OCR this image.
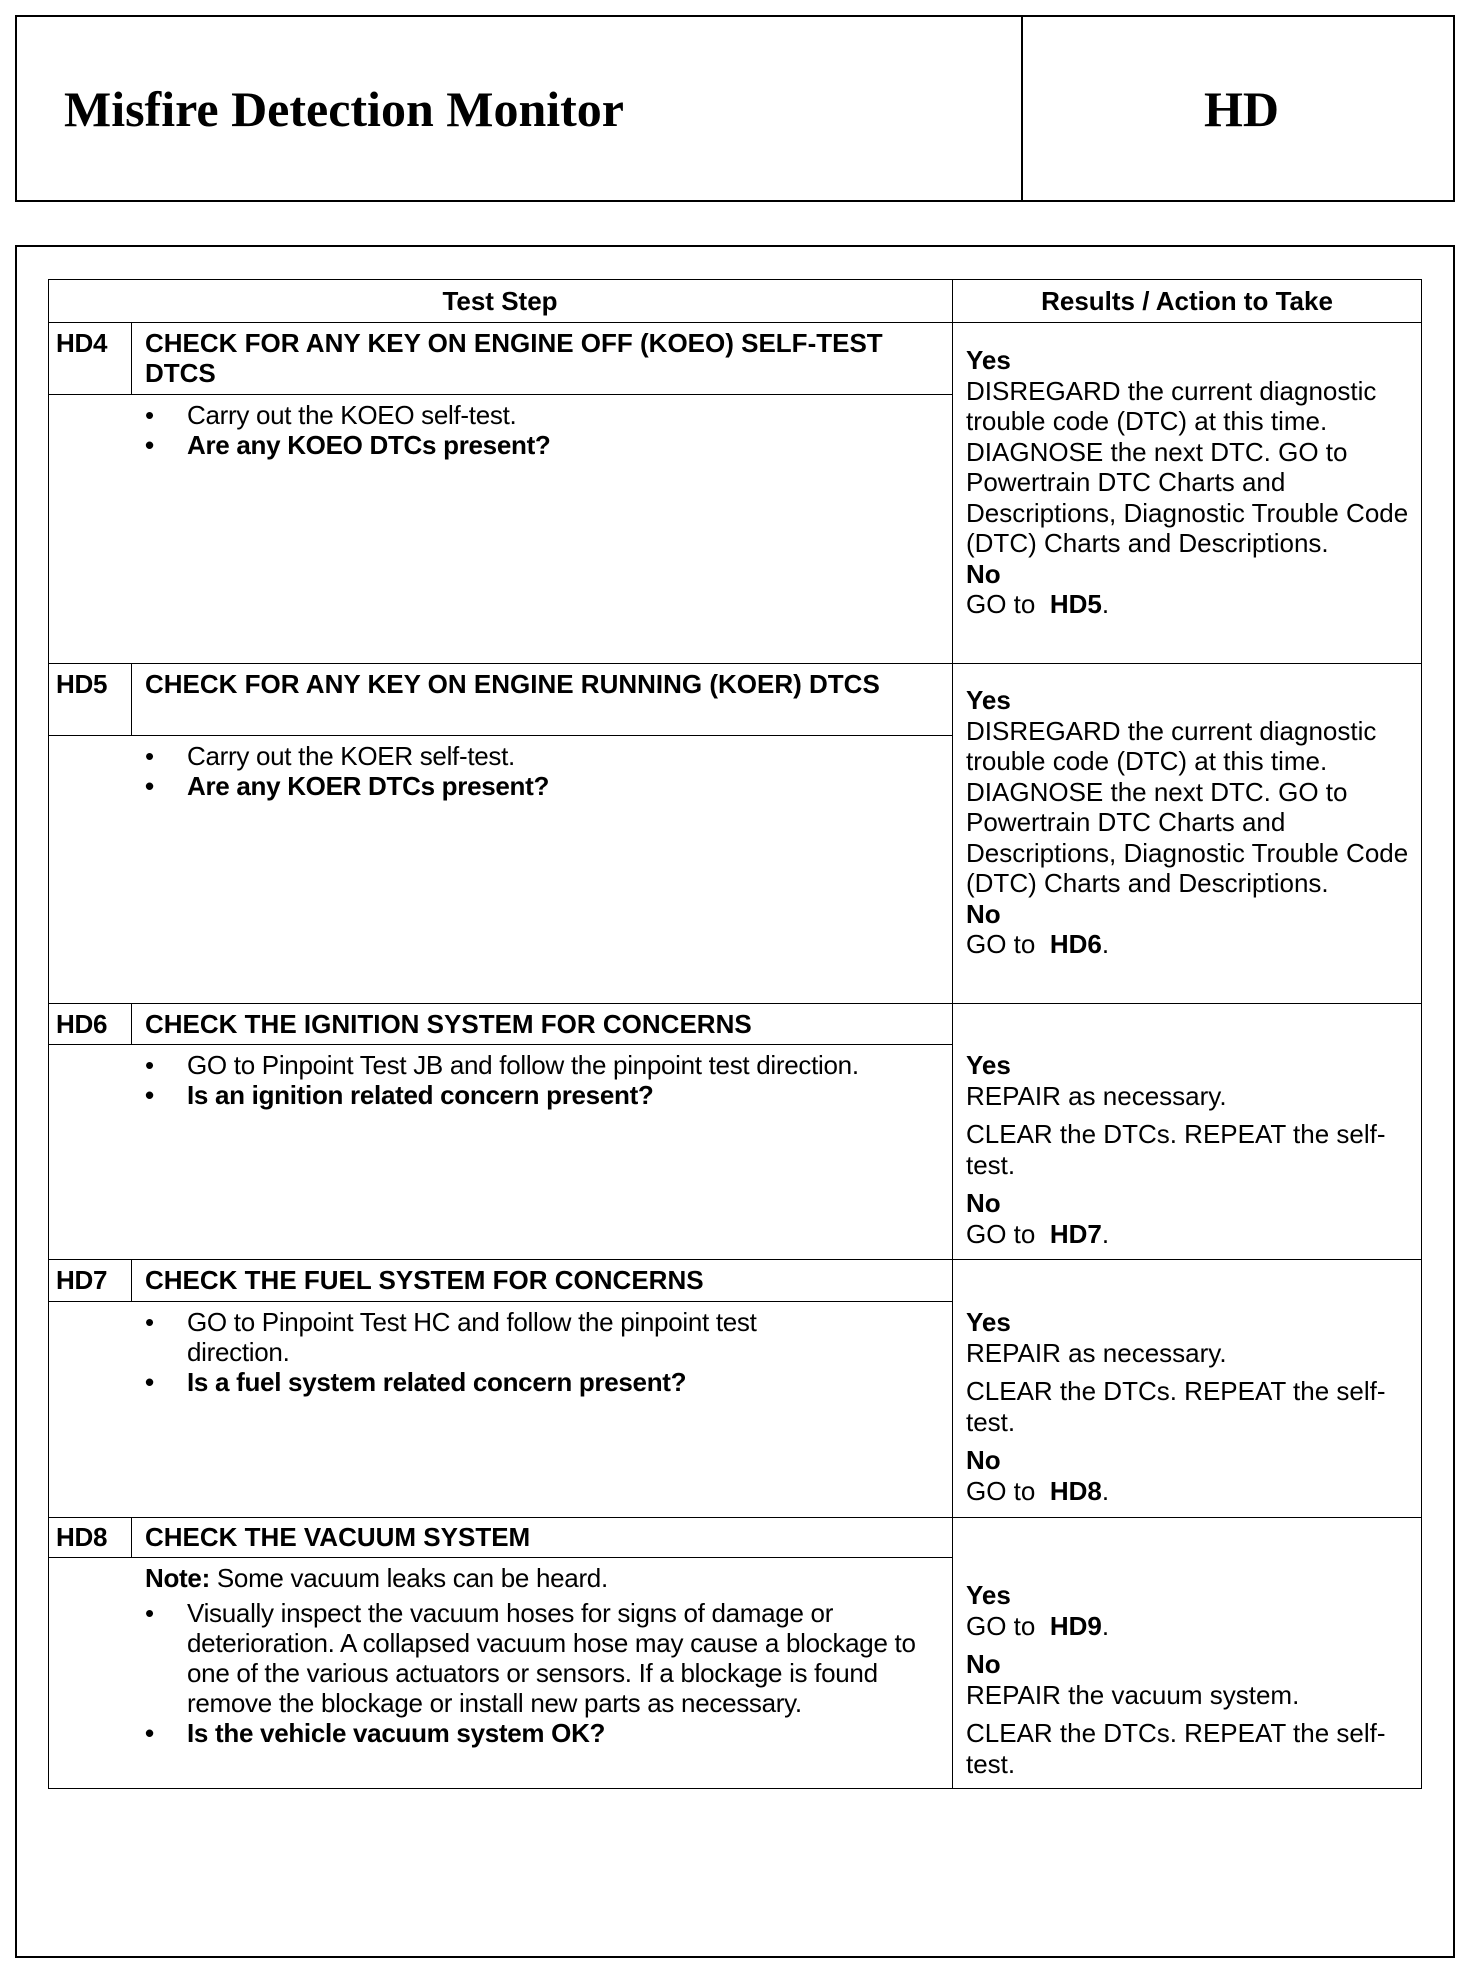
Misfire Detection Monitor	HD
Test Step	Results / Action to Take
HD4 CHECK FOR ANY KEY ON ENGINE OFF (KOEO) SELF-TEST DTCS
• Carry out the KOEO self-test.
• Are any KOEO DTCs present?

Yes

DISREGARD the current diagnostic trouble code (DTC) at this time. DIAGNOSE the next DTC. GO to Powertrain DTC Charts and Descriptions, Diagnostic Trouble Code (DTC) Charts and Descriptions.

No

GO to HD5.

HD5 CHECK FOR ANY KEY ON ENGINE RUNNING (KOER) DTCS
• Carry out the KOER self-test.
• Are any KOER DTCs present?

Yes

DISREGARD the current diagnostic trouble code (DTC) at this time. DIAGNOSE the next DTC. GO to Powertrain DTC Charts and Descriptions, Diagnostic Trouble Code (DTC) Charts and Descriptions.

No

GO to HD6.

HD6 CHECK THE IGNITION SYSTEM FOR CONCERNS
• GO to Pinpoint Test JB and follow the pinpoint test direction.
• Is an ignition related concern present?

Yes

REPAIR as necessary.

CLEAR the DTCs. REPEAT the self-test.

No

GO to HD7.

HD7 CHECK THE FUEL SYSTEM FOR CONCERNS
• GO to Pinpoint Test HC and follow the pinpoint test direction.
• Is a fuel system related concern present?

Yes

REPAIR as necessary.

CLEAR the DTCs. REPEAT the self-test.

No

GO to HD8.

HD8 CHECK THE VACUUM SYSTEM
Note: Some vacuum leaks can be heard.
• Visually inspect the vacuum hoses for signs of damage or deterioration. A collapsed vacuum hose may cause a blockage to one of the various actuators or sensors. If a blockage is found remove the blockage or install new parts as necessary.
• Is the vehicle vacuum system OK?

Yes

GO to HD9.

No

REPAIR the vacuum system.

CLEAR the DTCs. REPEAT the self-test.
